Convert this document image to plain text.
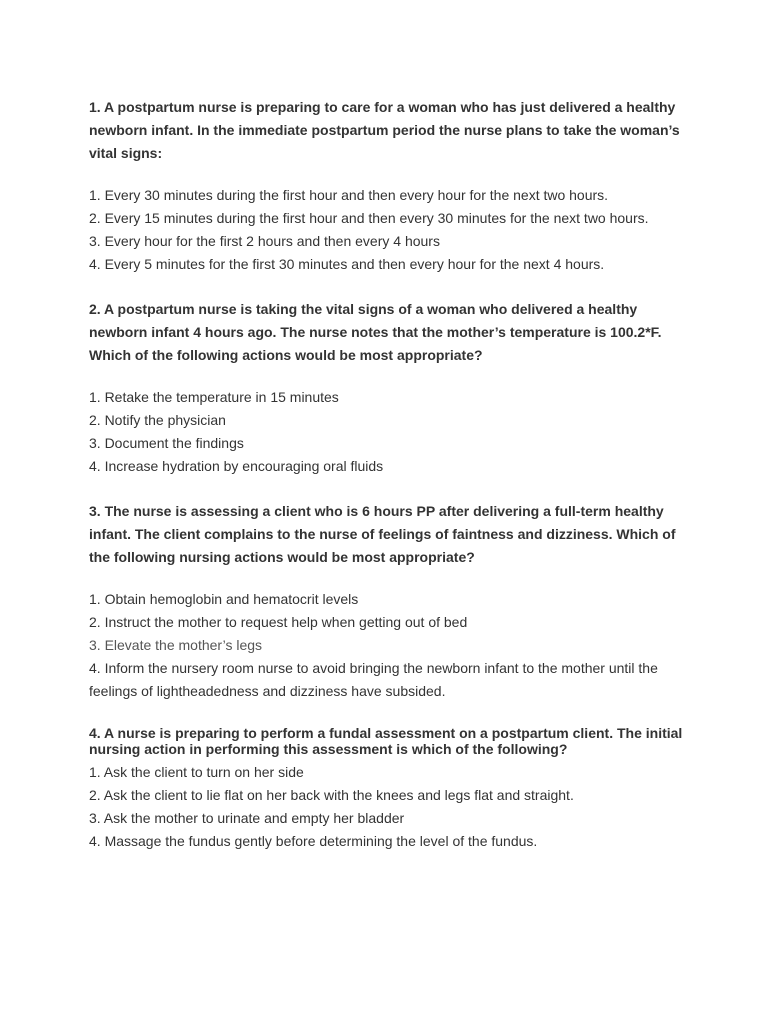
1. A postpartum nurse is preparing to care for a woman who has just delivered a healthy newborn infant. In the immediate postpartum period the nurse plans to take the woman’s vital signs:

1. Every 30 minutes during the first hour and then every hour for the next two hours.
2. Every 15 minutes during the first hour and then every 30 minutes for the next two hours.
3. Every hour for the first 2 hours and then every 4 hours
4. Every 5 minutes for the first 30 minutes and then every hour for the next 4 hours.

2. A postpartum nurse is taking the vital signs of a woman who delivered a healthy newborn infant 4 hours ago. The nurse notes that the mother’s temperature is 100.2*F. Which of the following actions would be most appropriate?

1. Retake the temperature in 15 minutes
2. Notify the physician
3. Document the findings
4. Increase hydration by encouraging oral fluids

3. The nurse is assessing a client who is 6 hours PP after delivering a full-term healthy infant. The client complains to the nurse of feelings of faintness and dizziness. Which of the following nursing actions would be most appropriate?

1. Obtain hemoglobin and hematocrit levels
2. Instruct the mother to request help when getting out of bed
3. Elevate the mother’s legs
4. Inform the nursery room nurse to avoid bringing the newborn infant to the mother until the feelings of lightheadedness and dizziness have subsided.

4. A nurse is preparing to perform a fundal assessment on a postpartum client. The initial nursing action in performing this assessment is which of the following?

1. Ask the client to turn on her side
2. Ask the client to lie flat on her back with the knees and legs flat and straight.
3. Ask the mother to urinate and empty her bladder
4. Massage the fundus gently before determining the level of the fundus.
